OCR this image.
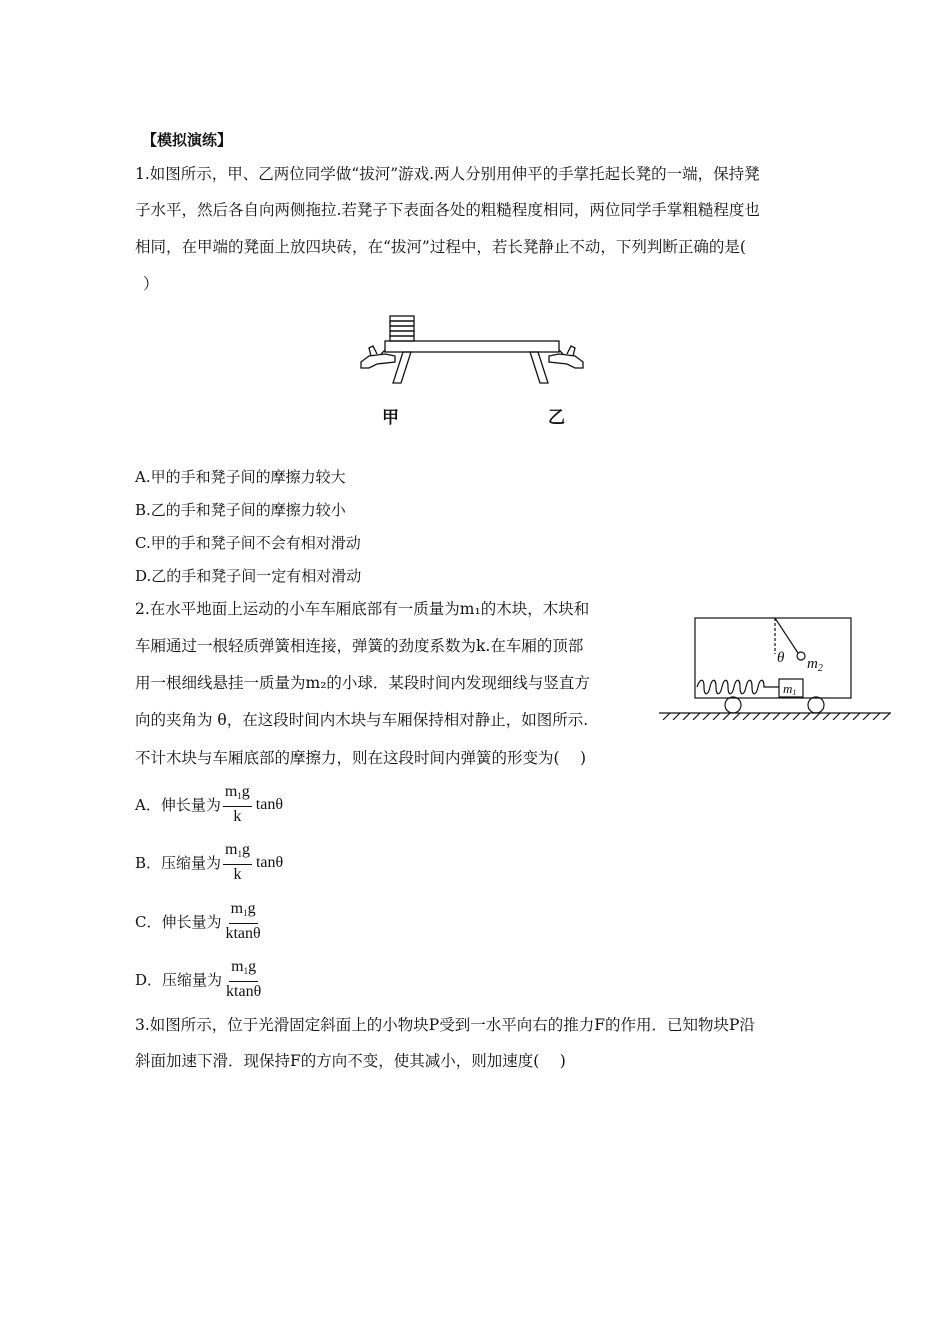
【模拟演练】
1.如图所示，甲、乙两位同学做“拔河”游戏.两人分别用伸平的手掌托起长凳的一端，保持凳
子水平，然后各自向两侧拖拉.若凳子下表面各处的粗糙程度相同，两位同学手掌粗糙程度也
相同，在甲端的凳面上放四块砖，在“拔河”过程中，若长凳静止不动，下列判断正确的是(
）
甲	乙
A.甲的手和凳子间的摩擦力较大
B.乙的手和凳子间的摩擦力较小
C.甲的手和凳子间不会有相对滑动
D.乙的手和凳子间一定有相对滑动
2.在水平地面上运动的小车车厢底部有一质量为m₁的木块，木块和
车厢通过一根轻质弹簧相连接，弹簧的劲度系数为k.在车厢的顶部
用一根细线悬挂一质量为m₂的小球．某段时间内发现细线与竖直方
向的夹角为 θ，在这段时间内木块与车厢保持相对静止，如图所示.
不计木块与车厢底部的摩擦力，则在这段时间内弹簧的形变为(　 )
θ $m_2$
m1
A．伸长量为 $\frac{m_1g}{k}$ tanθ
B．压缩量为 $\frac{m_1g}{k}$ tanθ
C．伸长量为 $\frac{m_1g}{ktan\theta}$
D．压缩量为 $\frac{m_1g}{ktan\theta}$
3.如图所示，位于光滑固定斜面上的小物块P受到一水平向右的推力F的作用．已知物块P沿
斜面加速下滑．现保持F的方向不变，使其减小，则加速度(　 )
